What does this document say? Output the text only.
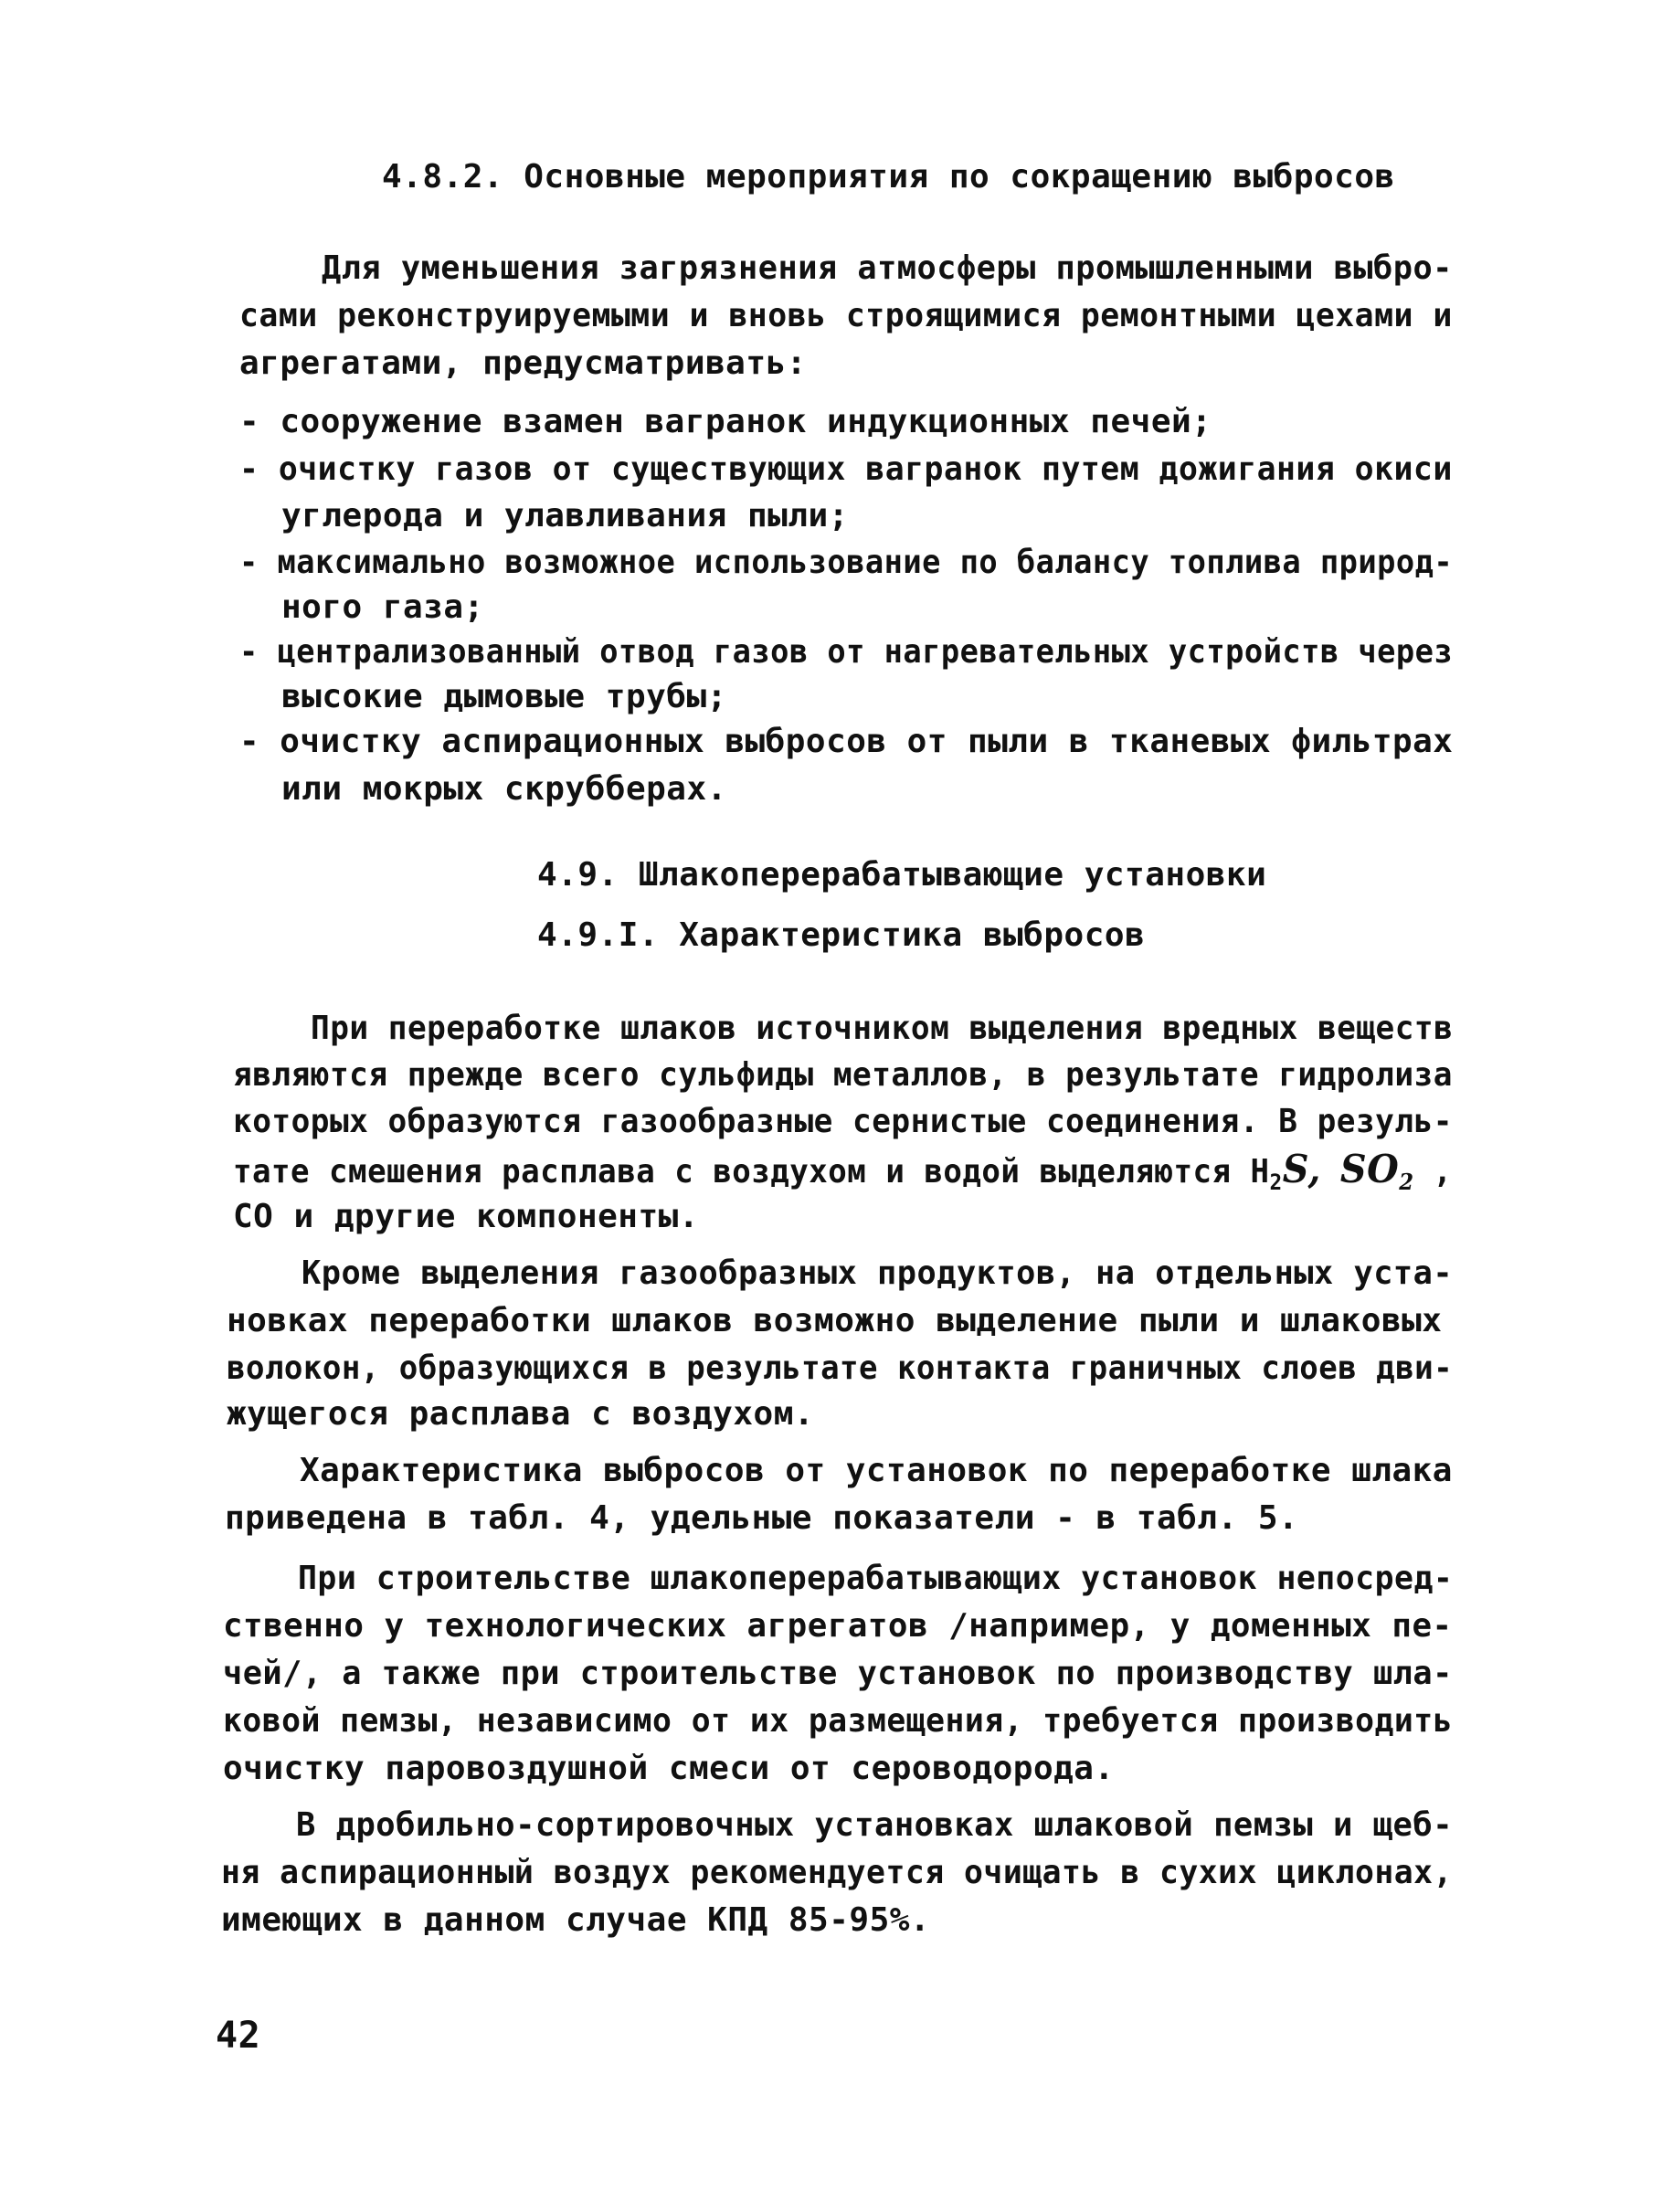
4.8.2. Основные мероприятия по сокращению выбросов
Для уменьшения загрязнения атмосферы промышленными выбро-
сами реконструируемыми и вновь строящимися ремонтными цехами и
агрегатами, предусматривать:
- сооружение взамен вагранок индукционных печей;
- очистку газов от существующих вагранок путем дожигания окиси
углерода и улавливания пыли;
- максимально возможное использование по балансу топлива природ-
ного газа;
- централизованный отвод газов от нагревательных устройств через
высокие дымовые трубы;
- очистку аспирационных выбросов от пыли в тканевых фильтрах
или мокрых скрубберах.
4.9. Шлакоперерабатывающие установки
4.9.I. Характеристика выбросов
При переработке шлаков источником выделения вредных веществ
являются прежде всего сульфиды металлов, в результате гидролиза
которых образуются газообразные сернистые соединения. В резуль-
тате смешения расплава с воздухом и водой выделяются $H_2S$, $SO_2$ ,
СО и другие компоненты.
Кроме выделения газообразных продуктов, на отдельных уста-
новках переработки шлаков возможно выделение пыли и шлаковых
волокон, образующихся в результате контакта граничных слоев дви-
жущегося расплава с воздухом.
Характеристика выбросов от установок по переработке шлака
приведена в табл. 4, удельные показатели - в табл. 5.
При строительстве шлакоперерабатывающих установок непосред-
ственно у технологических агрегатов /например, у доменных пе-
чей/, а также при строительстве установок по производству шла-
ковой пемзы, независимо от их размещения, требуется производить
очистку паровоздушной смеси от сероводорода.
В дробильно-сортировочных установках шлаковой пемзы и щеб-
ня аспирационный воздух рекомендуется очищать в сухих циклонах,
имеющих в данном случае КПД 85-95%.
42
